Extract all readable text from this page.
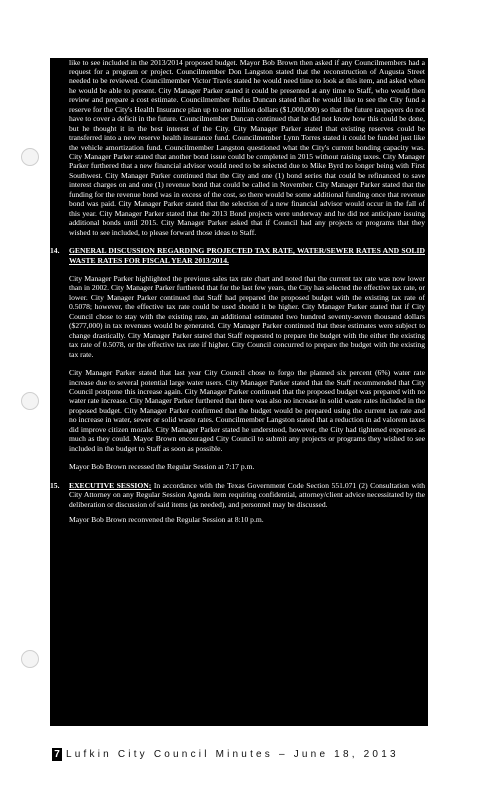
like to see included in the 2013/2014 proposed budget. Mayor Bob Brown then asked if any Councilmembers had a request for a program or project. Councilmember Don Langston stated that the reconstruction of Augusta Street needed to be reviewed. Councilmember Victor Travis stated he would need time to look at this item, and asked when he would be able to present. City Manager Parker stated it could be presented at any time to Staff, who would then review and prepare a cost estimate. Councilmember Rufus Duncan stated that he would like to see the City fund a reserve for the City's Health Insurance plan up to one million dollars ($1,000,000) so that the future taxpayers do not have to cover a deficit in the future. Councilmember Duncan continued that he did not know how this could be done, but he thought it in the best interest of the City. City Manager Parker stated that existing reserves could be transferred into a new reserve health insurance fund. Councilmember Lynn Torres stated it could be funded just like the vehicle amortization fund. Councilmember Langston questioned what the City's current bonding capacity was. City Manager Parker stated that another bond issue could be completed in 2015 without raising taxes. City Manager Parker furthered that a new financial advisor would need to be selected due to Mike Byrd no longer being with First Southwest. City Manager Parker continued that the City and one (1) bond series that could be refinanced to save interest charges on and one (1) revenue bond that could be called in November. City Manager Parker stated that the funding for the revenue bond was in excess of the cost, so there would be some additional funding once that revenue bond was paid. City Manager Parker stated that the selection of a new financial advisor would occur in the fall of this year. City Manager Parker stated that the 2013 Bond projects were underway and he did not anticipate issuing additional bonds until 2015. City Manager Parker asked that if Council had any projects or programs that they wished to see included, to please forward those ideas to Staff.

14.	GENERAL DISCUSSION REGARDING PROJECTED TAX RATE, WATER/SEWER RATES AND SOLID WASTE RATES FOR FISCAL YEAR 2013/2014.

City Manager Parker highlighted the previous sales tax rate chart and noted that the current tax rate was now lower than in 2002. City Manager Parker furthered that for the last few years, the City has selected the effective tax rate, or lower. City Manager Parker continued that Staff had prepared the proposed budget with the existing tax rate of 0.5078; however, the effective tax rate could be used should it be higher. City Manager Parker stated that if City Council chose to stay with the existing rate, an additional estimated two hundred seventy-seven thousand dollars ($277,000) in tax revenues would be generated. City Manager Parker continued that these estimates were subject to change drastically. City Manager Parker stated that Staff requested to prepare the budget with the either the existing tax rate of 0.5078, or the effective tax rate if higher. City Council concurred to prepare the budget with the existing tax rate.

City Manager Parker stated that last year City Council chose to forgo the planned six percent (6%) water rate increase due to several potential large water users. City Manager Parker stated that the Staff recommended that City Council postpone this increase again. City Manager Parker continued that the proposed budget was prepared with no water rate increase. City Manager Parker furthered that there was also no increase in solid waste rates included in the proposed budget. City Manager Parker confirmed that the budget would be prepared using the current tax rate and no increase in water, sewer or solid waste rates. Councilmember Langston stated that a reduction in ad valorem taxes did improve citizen morale. City Manager Parker stated he understood, however, the City had tightened expenses as much as they could. Mayor Brown encouraged City Council to submit any projects or programs they wished to see included in the budget to Staff as soon as possible.

Mayor Bob Brown recessed the Regular Session at 7:17 p.m.

15.	EXECUTIVE SESSION: In accordance with the Texas Government Code Section 551.071 (2) Consultation with City Attorney on any Regular Session Agenda item requiring confidential, attorney/client advice necessitated by the deliberation or discussion of said items (as needed), and personnel may be discussed.

Mayor Bob Brown reconvened the Regular Session at 8:10 p.m.

7 Lufkin City Council Minutes – June 18, 2013
